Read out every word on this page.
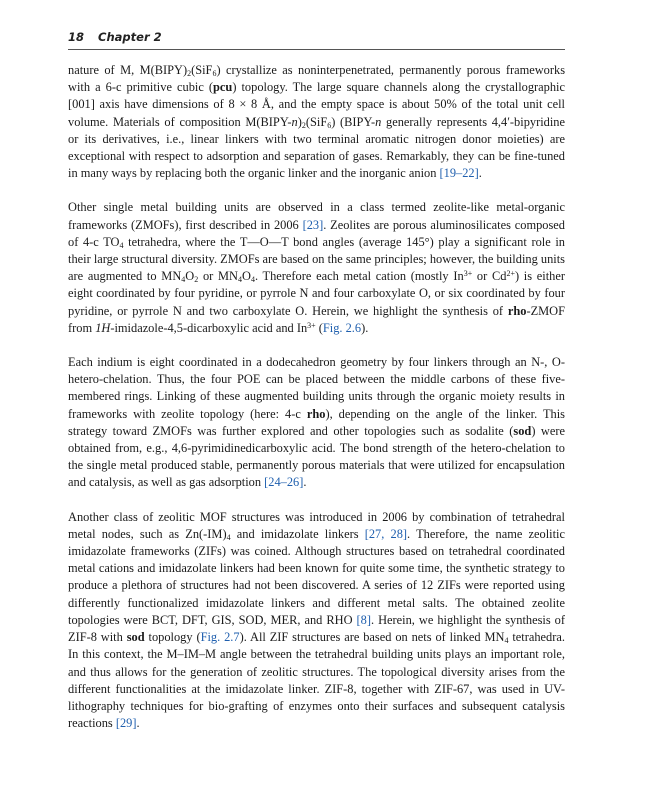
18 Chapter 2

nature of M, $M(BIPY)_2(SiF_6)$ crystallize as noninterpenetrated, permanently porous frameworks with a 6-c primitive cubic (pcu) topology. The large square channels along the crystallographic [001] axis have dimensions of 8 × 8 Å, and the empty space is about 50% of the total unit cell volume. Materials of composition $M(BIPY-n)_2(SiF_6)$ (BIPY-n generally represents 4,4′-bipyridine or its derivatives, i.e., linear linkers with two terminal aromatic nitrogen donor moieties) are exceptional with respect to adsorption and separation of gases. Remarkably, they can be fine-tuned in many ways by replacing both the organic linker and the inorganic anion [19–22].

Other single metal building units are observed in a class termed zeolite-like metal-organic frameworks (ZMOFs), first described in 2006 [23]. Zeolites are porous aluminosilicates composed of 4-c $TO_4$ tetrahedra, where the T—O—T bond angles (average 145°) play a significant role in their large structural diversity. ZMOFs are based on the same principles; however, the building units are augmented to $MN_4O_2$ or $MN_4O_4$. Therefore each metal cation (mostly $In^{3+}$ or $Cd^{2+}$) is either eight coordinated by four pyridine, or pyrrole N and four carboxylate O, or six coordinated by four pyridine, or pyrrole N and two carboxylate O. Herein, we highlight the synthesis of rho-ZMOF from 1H-imidazole-4,5-dicarboxylic acid and $In^{3+}$ (Fig. 2.6).

Each indium is eight coordinated in a dodecahedron geometry by four linkers through an N-, O-hetero-chelation. Thus, the four POE can be placed between the middle carbons of these five-membered rings. Linking of these augmented building units through the organic moiety results in frameworks with zeolite topology (here: 4-c rho), depending on the angle of the linker. This strategy toward ZMOFs was further explored and other topologies such as sodalite (sod) were obtained from, e.g., 4,6-pyrimidinedicarboxylic acid. The bond strength of the hetero-chelation to the single metal produced stable, permanently porous materials that were utilized for encapsulation and catalysis, as well as gas adsorption [24–26].

Another class of zeolitic MOF structures was introduced in 2006 by combination of tetrahedral metal nodes, such as $Zn(-IM)_4$ and imidazolate linkers [27, 28]. Therefore, the name zeolitic imidazolate frameworks (ZIFs) was coined. Although structures based on tetrahedral coordinated metal cations and imidazolate linkers had been known for quite some time, the synthetic strategy to produce a plethora of structures had not been discovered. A series of 12 ZIFs were reported using differently functionalized imidazolate linkers and different metal salts. The obtained zeolite topologies were BCT, DFT, GIS, SOD, MER, and RHO [8]. Herein, we highlight the synthesis of ZIF-8 with sod topology (Fig. 2.7). All ZIF structures are based on nets of linked $MN_4$ tetrahedra. In this context, the M–IM–M angle between the tetrahedral building units plays an important role, and thus allows for the generation of zeolitic structures. The topological diversity arises from the different functionalities at the imidazolate linker. ZIF-8, together with ZIF-67, was used in UV-lithography techniques for bio-grafting of enzymes onto their surfaces and subsequent catalysis reactions [29].
